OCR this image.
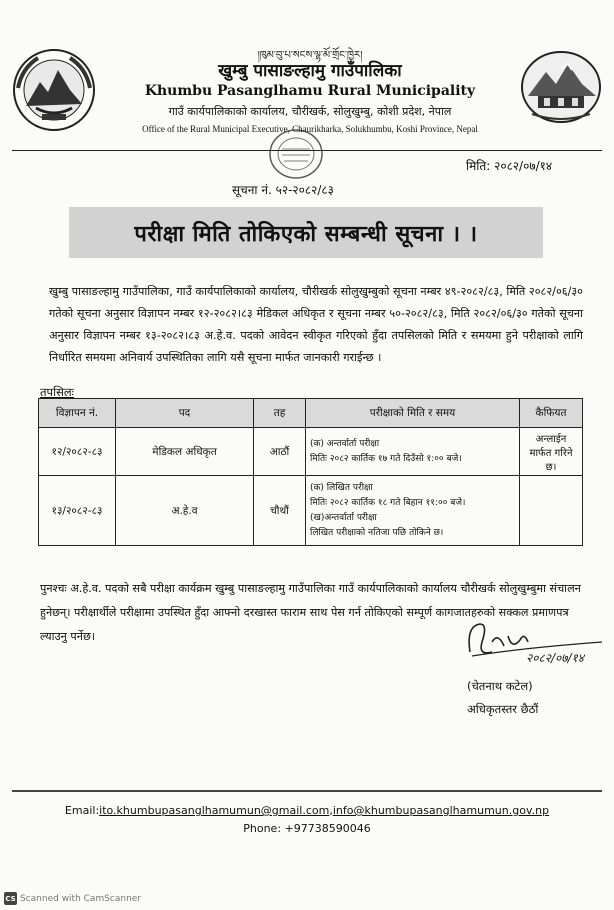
།ཁུམ་བུ་པ་སངས་ལྷ་མོ་གྲོང་ཁྱེར།
खुम्बु पासाङल्हामु गाउँपालिका
Khumbu Pasanglhamu Rural Municipality
गाउँ कार्यपालिकाको कार्यालय, चौरीखर्क, सोलुखुम्बु, कोशी प्रदेश, नेपाल
Office of the Rural Municipal Executive, Chaurikharka, Solukhumbu, Koshi Province, Nepal
मिति: २०८२/०७/१४
सूचना नं. ५२-२०८२/८३
परीक्षा मिति तोकिएको सम्बन्धी सूचना । ।
खुम्बु पासाङल्हामु गाउँपालिका, गाउँ कार्यपालिकाको कार्यालय, चौरीखर्क सोलुखुम्बुको सूचना नम्बर ४९-२०८२/८३, मिति २०८२/०६/३० गतेको सूचना अनुसार विज्ञापन नम्बर १२-२०८२।८३ मेडिकल अधिकृत र सूचना नम्बर ५०-२०८२/८३, मिति २०८२/०६/३० गतेको सूचना अनुसार विज्ञापन नम्बर १३-२०८२।८३ अ.हे.व. पदको आवेदन स्वीकृत गरिएको हुँदा तपसिलको मिति र समयमा हुने परीक्षाको लागि निर्धारित समयमा अनिवार्य उपस्थितिका लागि यसै सूचना मार्फत जानकारी गराईन्छ ।
तपसिलः
विज्ञापन नं.	पद	तह	परीक्षाको मिति र समय	कैफियत
१२/२०८२-८३	मेडिकल अधिकृत	आठौं	(क) अन्तर्वार्ता परीक्षा
मितिः २०८२ कार्तिक १७ गते दिउँसो १:०० बजे।	अन्लाईन मार्फत गरिने छ।
१३/२०८२-८३	अ.हे.व	चौथौं	(क) लिखित परीक्षा
मितिः २०८२ कार्तिक १८ गते बिहान ११:०० बजे।
(ख)अन्तर्वार्ता परीक्षा
लिखित परीक्षाको नतिजा पछि तोकिने छ।	

पुनश्चः अ.हे.व. पदको सबै परीक्षा कार्यक्रम खुम्बु पासाङल्हामु गाउँपालिका गाउँ कार्यपालिकाको कार्यालय चौरीखर्क सोलुखुम्बुमा संचालन हुनेछन्। परीक्षार्थीले परीक्षामा उपस्थित हुँदा आफ्नो दरखास्त फाराम साथ पेस गर्न तोकिएको सम्पूर्ण कागजातहरुको सक्कल प्रमाणपत्र ल्याउनु पर्नेछ।
२०८२/०७/१४
(चेतनाथ कटेल)
अधिकृतस्तर छैठौं
Email:ito.khumbupasanglhamumun@gmail.com,info@khumbupasanglhamumun.gov.np
Phone: +97738590046
CS Scanned with CamScanner
